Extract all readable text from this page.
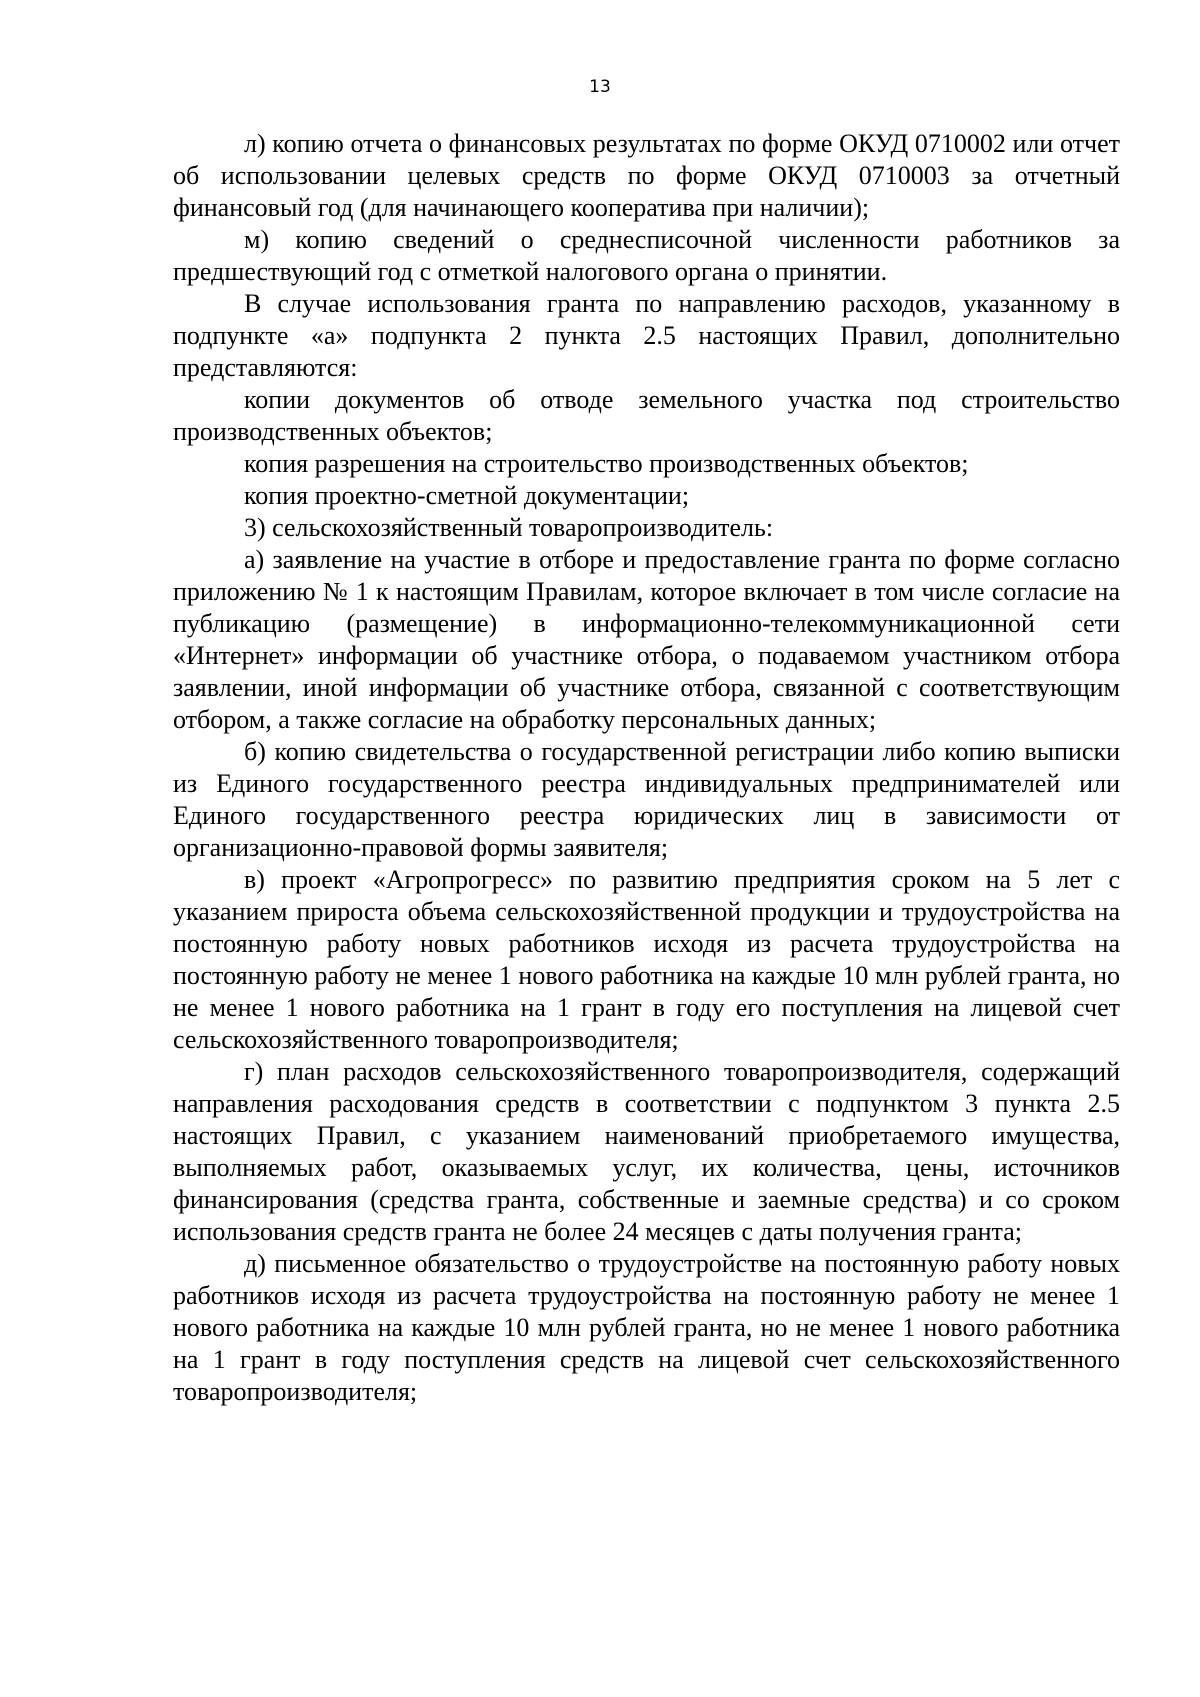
13

л) копию отчета о финансовых результатах по форме ОКУД 0710002 или отчет об использовании целевых средств по форме ОКУД 0710003 за отчетный финансовый год (для начинающего кооператива при наличии);

м) копию сведений о среднесписочной численности работников за предшествующий год с отметкой налогового органа о принятии.

В случае использования гранта по направлению расходов, указанному в подпункте «а» подпункта 2 пункта 2.5 настоящих Правил, дополнительно представляются:

копии документов об отводе земельного участка под строительство производственных объектов;

копия разрешения на строительство производственных объектов;

копия проектно-сметной документации;

3) сельскохозяйственный товаропроизводитель:

а) заявление на участие в отборе и предоставление гранта по форме согласно приложению № 1 к настоящим Правилам, которое включает в том числе согласие на публикацию (размещение) в информационно-телекоммуникационной сети «Интернет» информации об участнике отбора, о подаваемом участником отбора заявлении, иной информации об участнике отбора, связанной с соответствующим отбором, а также согласие на обработку персональных данных;

б) копию свидетельства о государственной регистрации либо копию выписки из Единого государственного реестра индивидуальных предпринимателей или Единого государственного реестра юридических лиц в зависимости от организационно-правовой формы заявителя;

в) проект «Агропрогресс» по развитию предприятия сроком на 5 лет с указанием прироста объема сельскохозяйственной продукции и трудоустройства на постоянную работу новых работников исходя из расчета трудоустройства на постоянную работу не менее 1 нового работника на каждые 10 млн рублей гранта, но не менее 1 нового работника на 1 грант в году его поступления на лицевой счет сельскохозяйственного товаропроизводителя;

г) план расходов сельскохозяйственного товаропроизводителя, содержащий направления расходования средств в соответствии с подпунктом 3 пункта 2.5 настоящих Правил, с указанием наименований приобретаемого имущества, выполняемых работ, оказываемых услуг, их количества, цены, источников финансирования (средства гранта, собственные и заемные средства) и со сроком использования средств гранта не более 24 месяцев с даты получения гранта;

д) письменное обязательство о трудоустройстве на постоянную работу новых работников исходя из расчета трудоустройства на постоянную работу не менее 1 нового работника на каждые 10 млн рублей гранта, но не менее 1 нового работника на 1 грант в году поступления средств на лицевой счет сельскохозяйственного товаропроизводителя;
